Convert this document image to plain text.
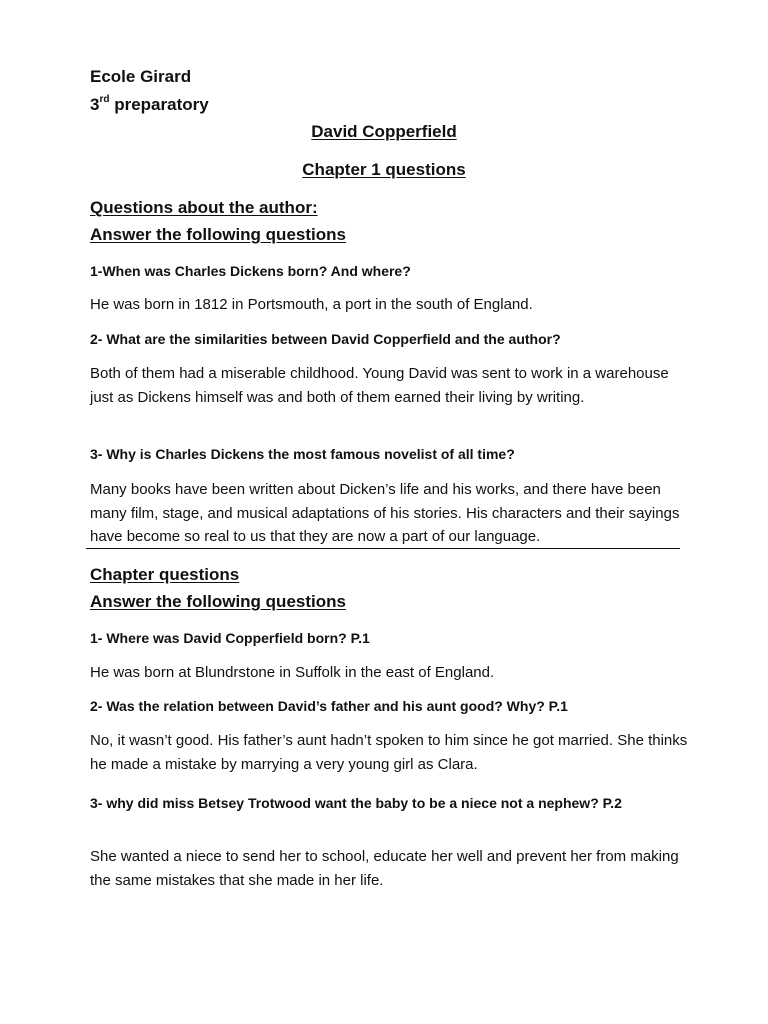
Ecole Girard
3rd preparatory
David Copperfield
Chapter 1 questions
Questions about the author:
Answer the following questions
1-When was Charles Dickens born? And where?
He was born in 1812 in Portsmouth, a port in the south of England.
2- What are the similarities between David Copperfield and the author?
Both of them had a miserable childhood. Young David was sent to work in a warehouse just as Dickens himself was and both of them earned their living by writing.
3- Why is Charles Dickens the most famous novelist of all time?
Many books have been written about Dicken’s life and his works, and there have been many film, stage, and musical adaptations of his stories. His characters and their sayings have become so real to us that they are now a part of our language.
Chapter questions
Answer the following questions
1- Where was David Copperfield born? P.1
He was born at Blundrstone in Suffolk in the east of England.
2- Was the relation between David’s father and his aunt good? Why? P.1
No, it wasn’t good. His father’s aunt hadn’t spoken to him since he got married. She thinks he made a mistake by marrying a very young girl as Clara.
3- why did miss Betsey Trotwood want the baby to be a niece not a nephew? P.2
She wanted a niece to send her to school, educate her well and prevent her from making the same mistakes that she made in her life.
